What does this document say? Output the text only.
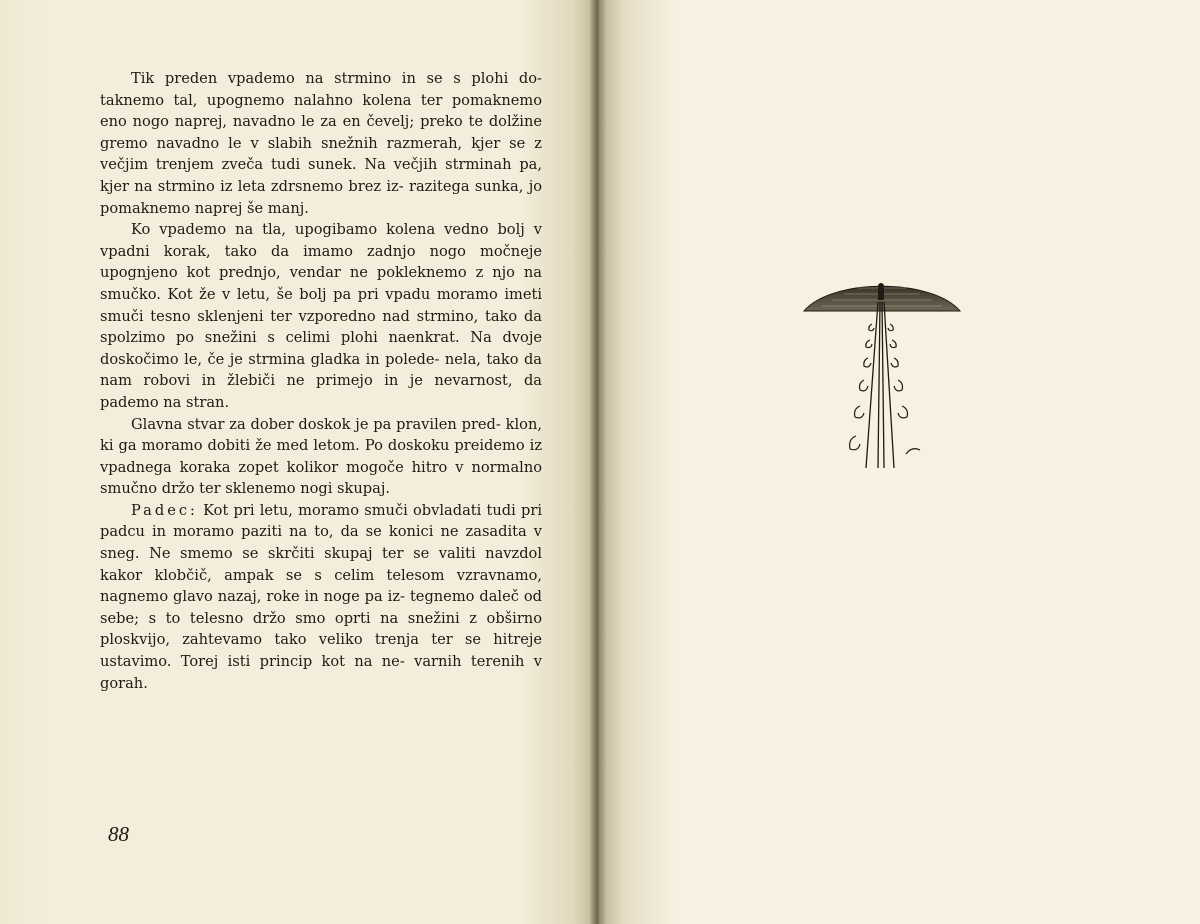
Tik preden vpademo na strmino in se s plohi do- taknemo tal, upognemo nalahno kolena ter pomaknemo eno nogo naprej, navadno le za en čevelj; preko te dolžine gremo navadno le v slabih snežnih razmerah, kjer se z večjim trenjem zveča tudi sunek. Na večjih strminah pa, kjer na strmino iz leta zdrsnemo brez iz- razitega sunka, jo pomaknemo naprej še manj.

Ko vpademo na tla, upogibamo kolena vedno bolj v vpadni korak, tako da imamo zadnjo nogo močneje upognjeno kot prednjo, vendar ne pokleknemo z njo na smučko. Kot že v letu, še bolj pa pri vpadu moramo imeti smuči tesno sklenjeni ter vzporedno nad strmino, tako da spolzimo po snežini s celimi plohi naenkrat. Na dvoje doskočimo le, če je strmina gladka in polede- nela, tako da nam robovi in žlebiči ne primejo in je nevarnost, da pademo na stran.

Glavna stvar za dober doskok je pa pravilen pred- klon, ki ga moramo dobiti že med letom. Po doskoku preidemo iz vpadnega koraka zopet kolikor mogoče hitro v normalno smučno držo ter sklenemo nogi skupaj.

Padec: Kot pri letu, moramo smuči obvladati tudi pri padcu in moramo paziti na to, da se konici ne zasadita v sneg. Ne smemo se skrčiti skupaj ter se valiti navzdol kakor klobčič, ampak se s celim telesom vzravnamo, nagnemo glavo nazaj, roke in noge pa iz- tegnemo daleč od sebe; s to telesno držo smo oprti na snežini z obširno ploskvijo, zahtevamo tako veliko trenja ter se hitreje ustavimo. Torej isti princip kot na ne- varnih terenih v gorah.

88
